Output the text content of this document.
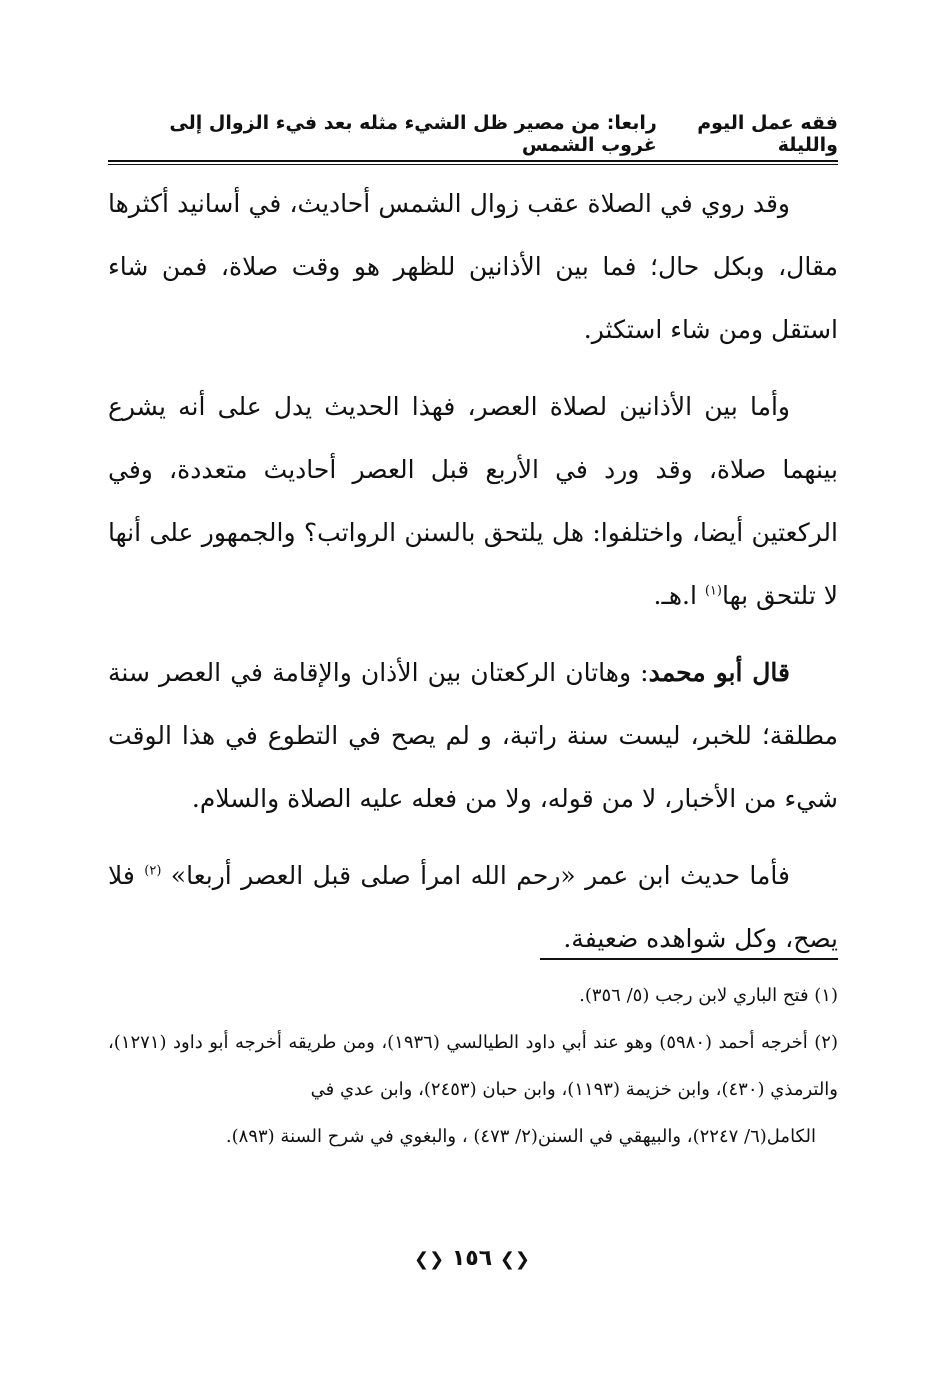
فقه عمل اليوم والليلة
رابعا: من مصير ظل الشيء مثله بعد فيء الزوال إلى غروب الشمس

وقد روي في الصلاة عقب زوال الشمس أحاديث، في أسانيد أكثرها مقال، وبكل حال؛ فما بين الأذانين للظهر هو وقت صلاة، فمن شاء استقل ومن شاء استكثر.

وأما بين الأذانين لصلاة العصر، فهذا الحديث يدل على أنه يشرع بينهما صلاة، وقد ورد في الأربع قبل العصر أحاديث متعددة، وفي الركعتين أيضا، واختلفوا: هل يلتحق بالسنن الرواتب؟ والجمهور على أنها لا تلتحق بها$^{(١)}$ ا.هـ.

قال أبو محمد: وهاتان الركعتان بين الأذان والإقامة في العصر سنة مطلقة؛ للخبر، ليست سنة راتبة، و لم يصح في التطوع في هذا الوقت شيء من الأخبار، لا من قوله، ولا من فعله عليه الصلاة والسلام.

فأما حديث ابن عمر «رحم الله امرأ صلى قبل العصر أربعا» $^{(٢)}$ فلا يصح، وكل شواهده ضعيفة.

(١) فتح الباري لابن رجب (٥/ ٣٥٦).

(٢) أخرجه أحمد (٥٩٨٠) وهو عند أبي داود الطيالسي (١٩٣٦)، ومن طريقه أخرجه أبو داود (١٢٧١)، والترمذي (٤٣٠)، وابن خزيمة (١١٩٣)، وابن حبان (٢٤٥٣)، وابن عدي في

الكامل(٦/ ٢٢٤٧)، والبيهقي في السنن(٢/ ٤٧٣) ، والبغوي في شرح السنة (٨٩٣).

❮❯ ١٥٦ ❮❯
